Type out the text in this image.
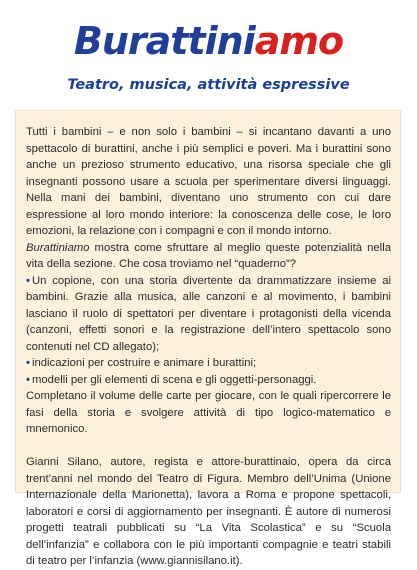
Burattiniamo
Teatro, musica, attività espressive

Tutti i bambini – e non solo i bambini – si incantano davanti a uno spettacolo di burattini, anche i più semplici e poveri. Ma i burattini sono anche un prezioso strumento educativo, una risorsa speciale che gli insegnanti possono usare a scuola per sperimentare diversi linguaggi. Nella mani dei bambini, diventano uno strumento con cui dare espressione al loro mondo interiore: la conoscenza delle cose, le loro emozioni, la relazione con i compagni e con il mondo intorno.

Burattiniamo mostra come sfruttare al meglio queste potenzialità nella vita della sezione. Che cosa troviamo nel “quaderno”?

• Un copione, con una storia divertente da drammatizzare insieme ai bambini. Grazie alla musica, alle canzoni e al movimento, i bambini lasciano il ruolo di spettatori per diventare i protagonisti della vicenda (canzoni, effetti sonori e la registrazione dell’intero spettacolo sono contenuti nel CD allegato);

• indicazioni per costruire e animare i burattini;

• modelli per gli elementi di scena e gli oggetti-personaggi.

Completano il volume delle carte per giocare, con le quali ripercorrere le fasi della storia e svolgere attività di tipo logico-matematico e mnemonico.

Gianni Silano, autore, regista e attore-burattinaio, opera da circa trent’anni nel mondo del Teatro di Figura. Membro dell’Unima (Unione Internazionale della Marionetta), lavora a Roma e propone spettacoli, laboratori e corsi di aggiornamento per insegnanti. È autore di numerosi progetti teatrali pubblicati su “La Vita Scolastica” e su “Scuola dell’infanzia” e collabora con le più importanti compagnie e teatri stabili di teatro per l’infanzia (www.giannisilano.it).
